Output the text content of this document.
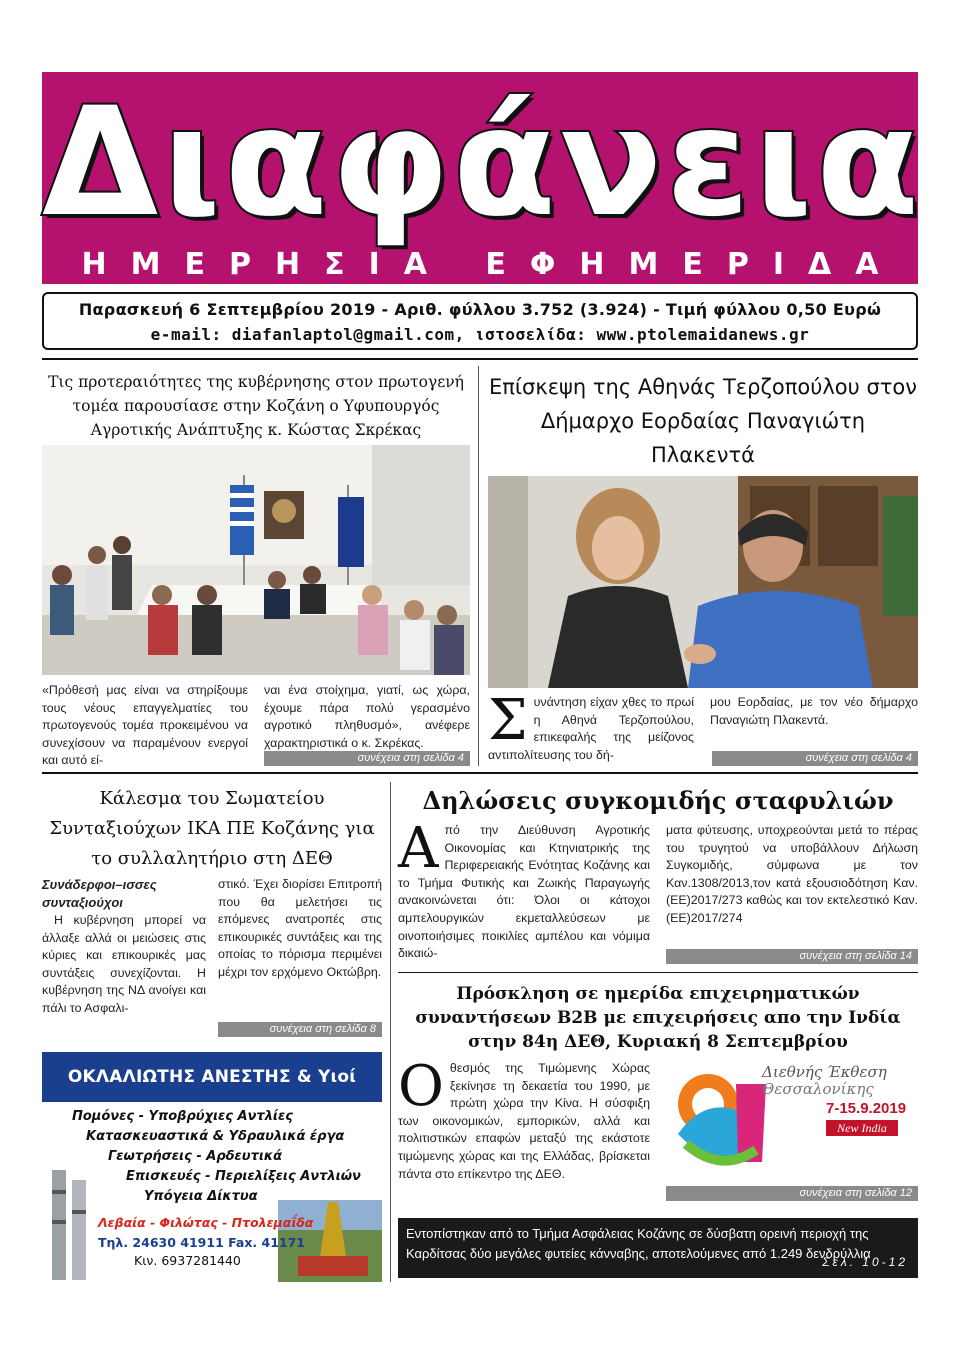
Διαφάνεια
ΗΜΕΡΗΣΙΑ ΕΦΗΜΕΡΙΔΑ
Παρασκευή 6 Σεπτεμβρίου 2019 - Αριθ. φύλλου 3.752 (3.924) - Τιμή φύλλου 0,50 Ευρώ
e-mail: diafanlaptol@gmail.com, ιστοσελίδα: www.ptolemaidanews.gr
Τις προτεραιότητες της κυβέρνησης στον πρωτογενή τομέα παρουσίασε στην Κοζάνη ο Υφυπουργός Αγροτικής Ανάπτυξης κ. Κώστας Σκρέκας
«Πρόθεσή μας είναι να στηρίξουμε τους νέους επαγγελματίες του πρωτογενούς τομέα προκειμένου να συνεχίσουν να παραμένουν ενεργοί και αυτό εί-
ναι ένα στοίχημα, γιατί, ως χώρα, έχουμε πάρα πολύ γερασμένο αγροτικό πληθυσμό», ανέφερε χαρακτηριστικά ο κ. Σκρέκας.
συνέχεια στη σελίδα 4
Επίσκεψη της Αθηνάς Τερζοπούλου στον Δήμαρχο Εορδαίας Παναγιώτη Πλακεντά
Συνάντηση είχαν χθες το πρωί η Αθηνά Τερζοπούλου, επικεφαλής της μείζονος αντιπολίτευσης του δή-
μου Εορδαίας, με τον νέο δήμαρχο Παναγιώτη Πλακεντά.
συνέχεια στη σελίδα 4
Κάλεσμα του Σωματείου Συνταξιούχων ΙΚΑ ΠΕ Κοζάνης για το συλλαλητήριο στη ΔΕΘ
Συνάδερφοι–ισσες συνταξιούχοι
Η κυβέρνηση μπορεί να άλλαξε αλλά οι μειώσεις στις κύριες και επικουρικές μας συντάξεις συνεχίζονται. Η κυβέρνηση της ΝΔ ανοίγει και πάλι το Ασφαλι-
στικό. Έχει διορίσει Επιτροπή που θα μελετήσει τις επόμενες ανατροπές στις επικουρικές συντάξεις και της οποίας το πόρισμα περιμένει μέχρι τον ερχόμενο Οκτώβρη.
συνέχεια στη σελίδα 8
Δηλώσεις συγκομιδής σταφυλιών
Από την Διεύθυνση Αγροτικής Οικονομίας και Κτηνιατρικής της Περιφερειακής Ενότητας Κοζάνης και το Τμήμα Φυτικής και Ζωικής Παραγωγής ανακοινώνεται ότι: Όλοι οι κάτοχοι αμπελουργικών εκμεταλλεύσεων με οινοποιήσιμες ποικιλίες αμπέλου και νόμιμα δικαιώ-
ματα φύτευσης, υποχρεούνται μετά το πέρας του τρυγητού να υποβάλλουν Δήλωση Συγκομιδής, σύμφωνα με τον Καν.1308/2013,τον κατά εξουσιοδότηση Καν.(ΕΕ)2017/273 καθώς και τον εκτελεστικό Καν.(ΕΕ)2017/274
συνέχεια στη σελίδα 14
Πρόσκληση σε ημερίδα επιχειρηματικών συναντήσεων B2B με επιχειρήσεις απο την Ινδία στην 84η ΔΕΘ, Κυριακή 8 Σεπτεμβρίου
Οθεσμός της Τιμώμενης Χώρας ξεκίνησε τη δεκαετία του 1990, με πρώτη χώρα την Κίνα. Η σύσφιξη των οικονομικών, εμπορικών, αλλά και πολιτιστικών επαφών μεταξύ της εκάστοτε τιμώμενης χώρας και της Ελλάδας, βρίσκεται πάντα στο επίκεντρο της ΔΕΘ.
Διεθνής Έκθεση
Θεσσαλονίκης
7-15.9.2019
New India
συνέχεια στη σελίδα 12
ΟΚΛΑΛΙΩΤΗΣ ΑΝΕΣΤΗΣ & Υιοί
Πομόνες - Υποβρύχιες Αντλίες
Κατασκευαστικά & Υδραυλικά έργα
Γεωτρήσεις - Αρδευτικά
Επισκευές - Περιελίξεις Αντλιών
Υπόγεια Δίκτυα
Λεβαία - Φιλώτας - Πτολεμαΐδα
Τηλ. 24630 41911 Fax. 41171
Κιν. 6937281440
Εντοπίστηκαν από το Τμήμα Ασφάλειας Κοζάνης σε δύσβατη ορεινή περιοχή της Καρδίτσας δύο μεγάλες φυτείες κάνναβης, αποτελούμενες από 1.249 δενδρύλλια
Σελ. 10-12
